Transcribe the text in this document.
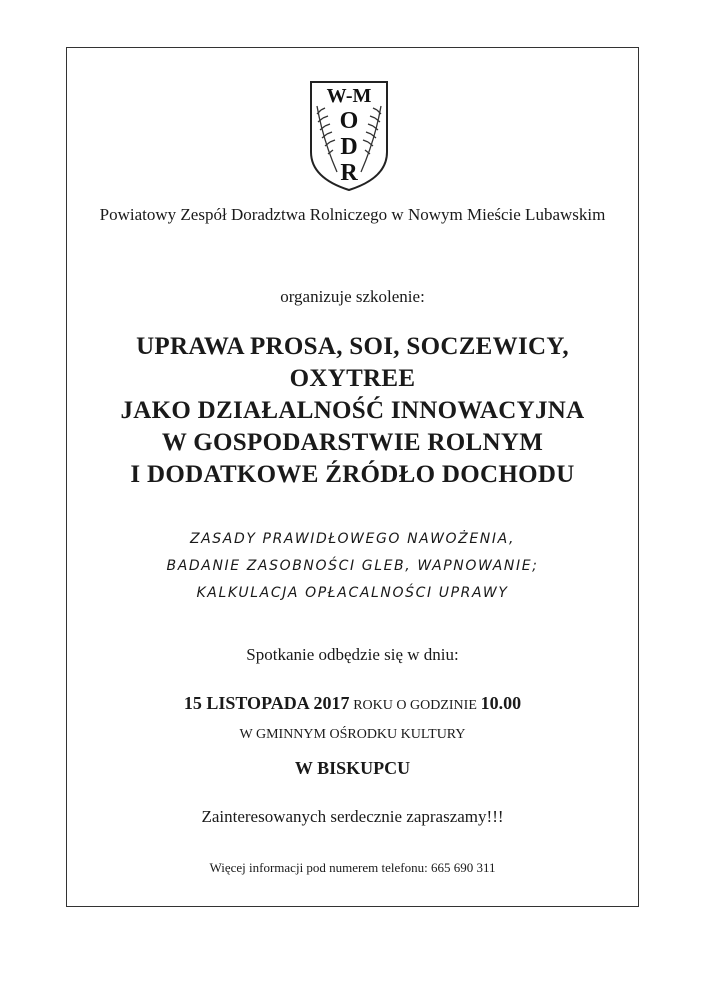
W-M
O
D
R

Powiatowy Zespół Doradztwa Rolniczego w Nowym Mieście Lubawskim

organizuje szkolenie:

UPRAWA PROSA, SOI, SOCZEWICY,
OXYTREE
JAKO DZIAŁALNOŚĆ INNOWACYJNA
W GOSPODARSTWIE ROLNYM
I DODATKOWE ŹRÓDŁO DOCHODU
ZASADY PRAWIDŁOWEGO NAWOŻENIA,
BADANIE ZASOBNOŚCI GLEB, WAPNOWANIE;
KALKULACJA OPŁACALNOŚCI UPRAWY

Spotkanie odbędzie się w dniu:

15 LISTOPADA 2017 ROKU O GODZINIE 10.00

W GMINNYM OŚRODKU KULTURY

W BISKUPCU

Zainteresowanych serdecznie zapraszamy!!!

Więcej informacji pod numerem telefonu: 665 690 311
